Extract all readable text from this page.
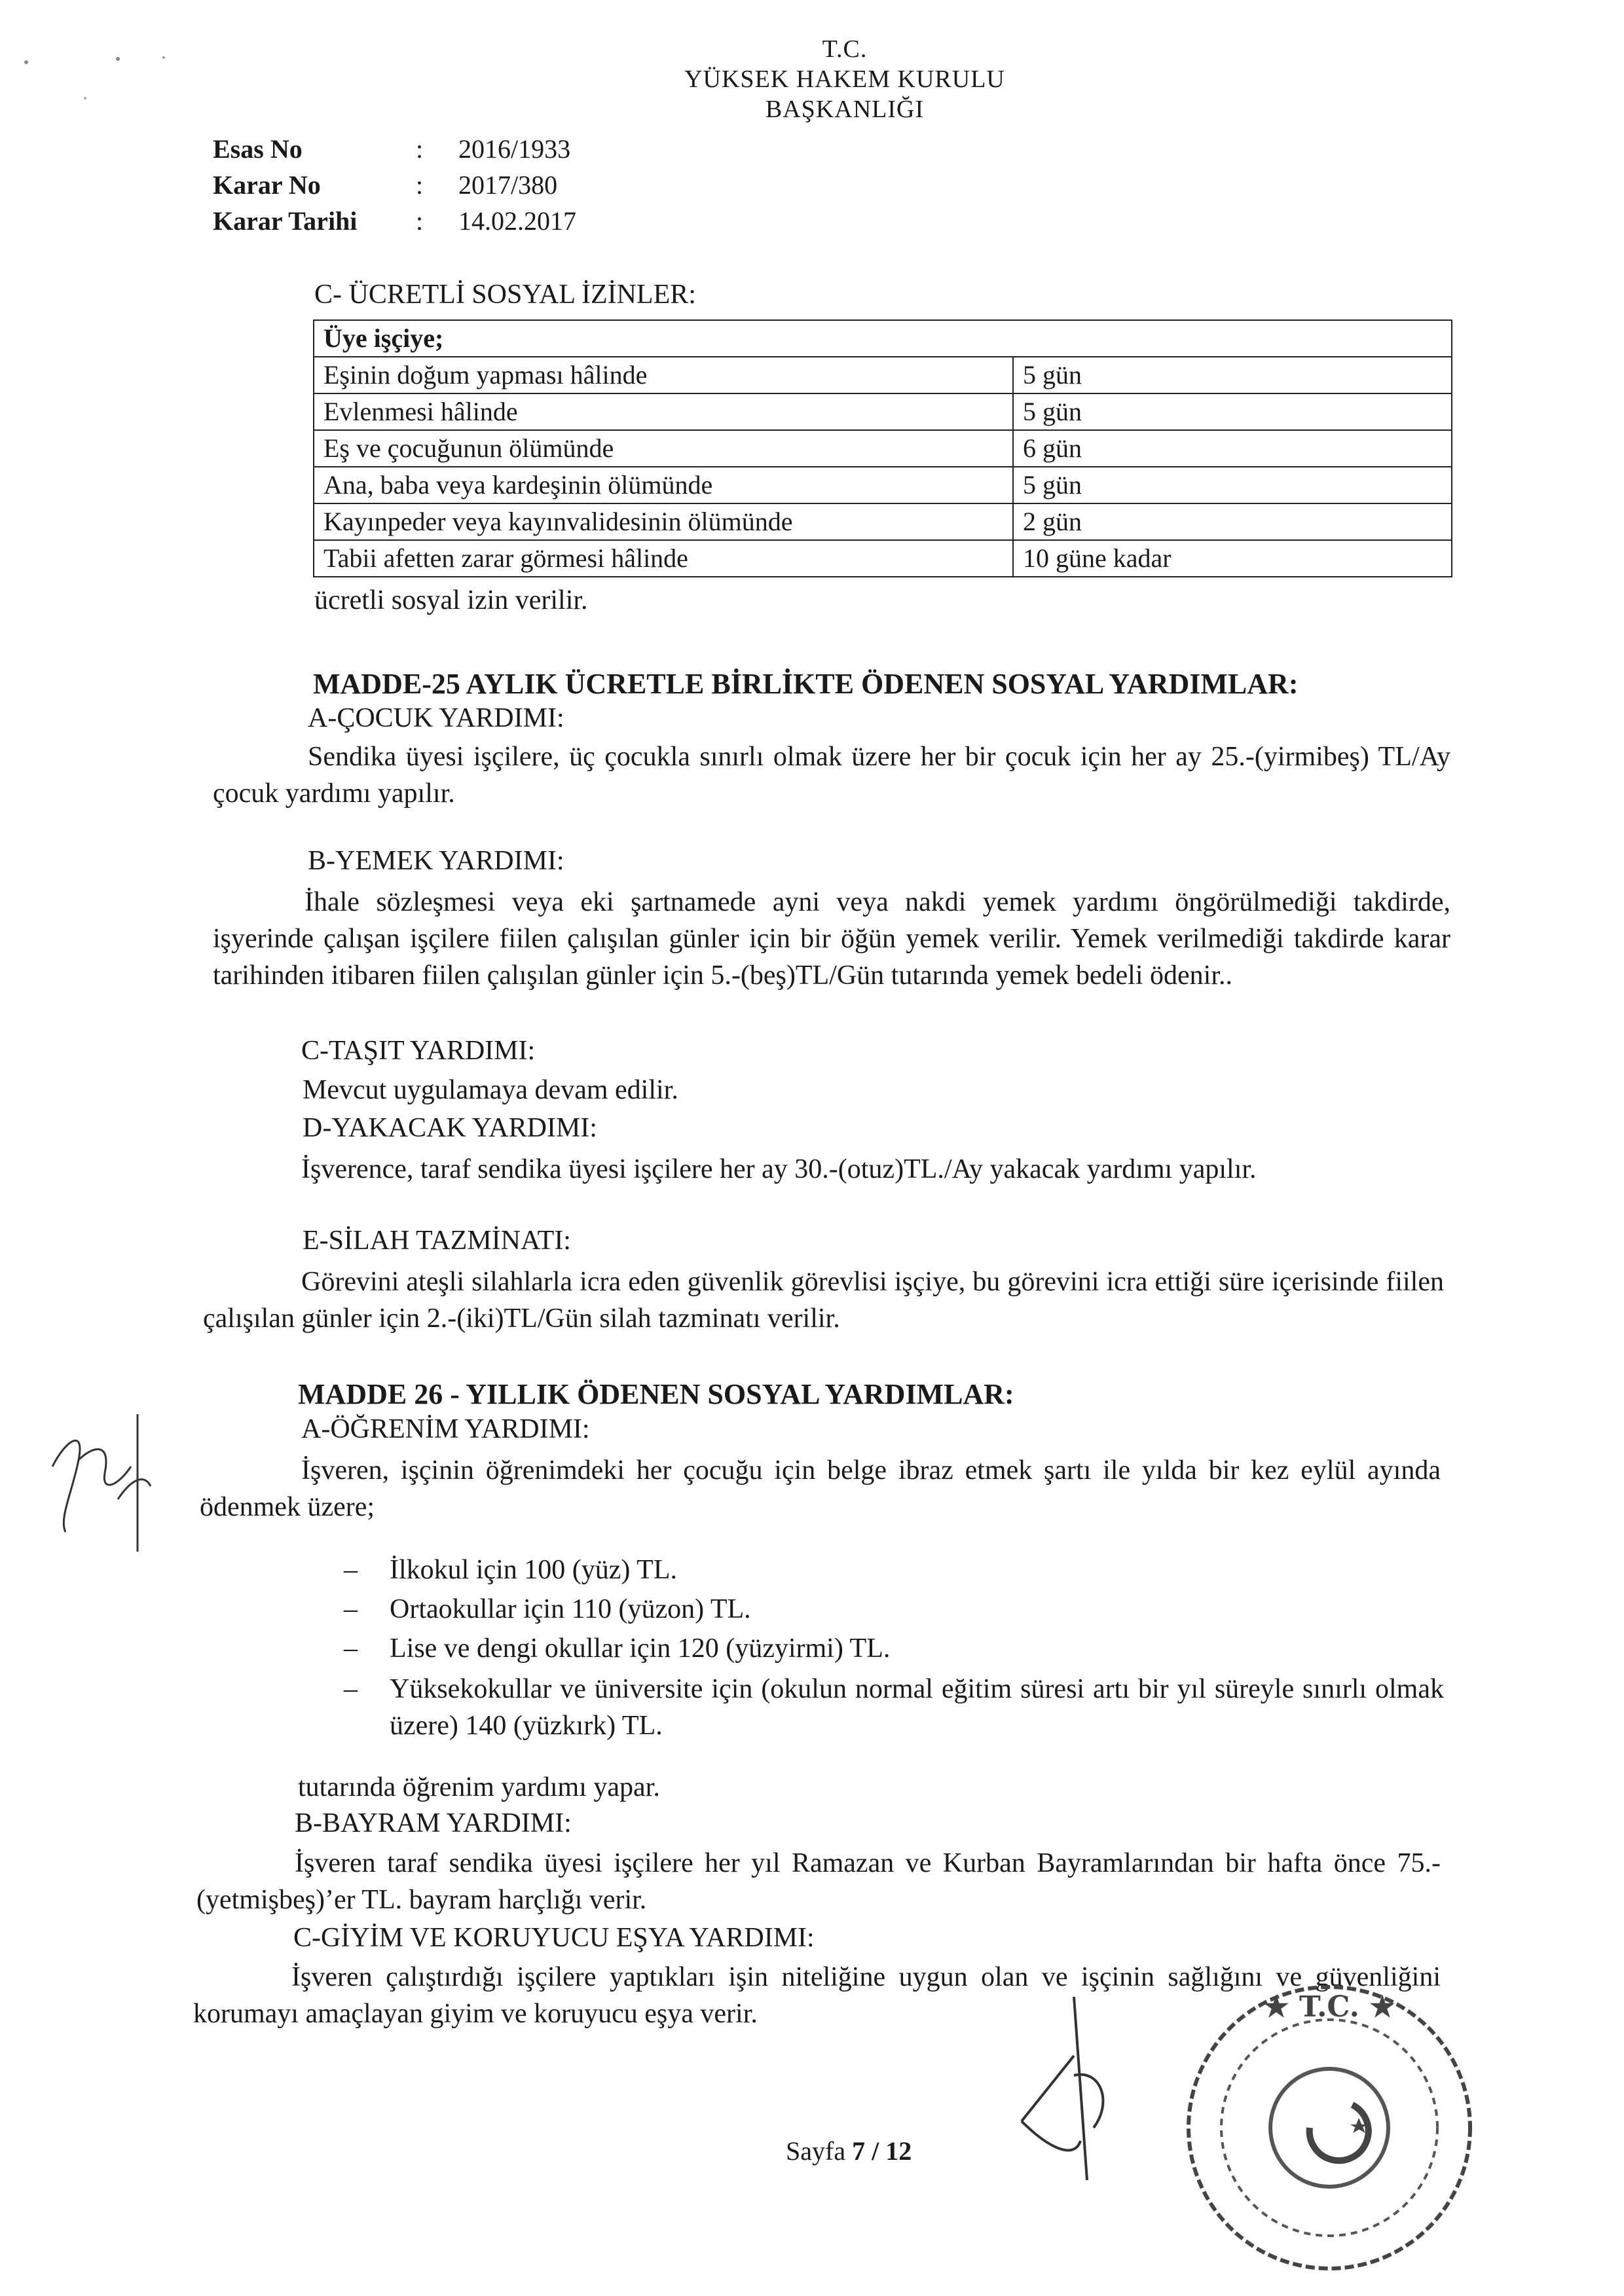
T.C.
YÜKSEK HAKEM KURULU
BAŞKANLIĞI
Esas No	: 2016/1933
Karar No	: 2017/380
Karar Tarihi : 14.02.2017
C- ÜCRETLİ SOSYAL İZİNLER:
Üye işçiye;	
Eşinin doğum yapması hâlinde	5 gün
Evlenmesi hâlinde	5 gün
Eş ve çocuğunun ölümünde	6 gün
Ana, baba veya kardeşinin ölümünde	5 gün
Kayınpeder veya kayınvalidesinin ölümünde	2 gün
Tabii afetten zarar görmesi hâlinde	10 güne kadar
ücretli sosyal izin verilir.
MADDE-25 AYLIK ÜCRETLE BİRLİKTE ÖDENEN SOSYAL YARDIMLAR:
A-ÇOCUK YARDIMI:
Sendika üyesi işçilere, üç çocukla sınırlı olmak üzere her bir çocuk için her ay 25.-(yirmibeş) TL/Ay çocuk yardımı yapılır.
B-YEMEK YARDIMI:
İhale sözleşmesi veya eki şartnamede ayni veya nakdi yemek yardımı öngörülmediği takdirde, işyerinde çalışan işçilere fiilen çalışılan günler için bir öğün yemek verilir. Yemek verilmediği takdirde karar tarihinden itibaren fiilen çalışılan günler için 5.-(beş)TL/Gün tutarında yemek bedeli ödenir..
C-TAŞIT YARDIMI:
Mevcut uygulamaya devam edilir.
D-YAKACAK YARDIMI:
İşverence, taraf sendika üyesi işçilere her ay 30.-(otuz)TL./Ay yakacak yardımı yapılır.
E-SİLAH TAZMİNATI:
Görevini ateşli silahlarla icra eden güvenlik görevlisi işçiye, bu görevini icra ettiği süre içerisinde fiilen çalışılan günler için 2.-(iki)TL/Gün silah tazminatı verilir.
MADDE 26 - YILLIK ÖDENEN SOSYAL YARDIMLAR:
A-ÖĞRENİM YARDIMI:
İşveren, işçinin öğrenimdeki her çocuğu için belge ibraz etmek şartı ile yılda bir kez eylül ayında ödenmek üzere;
– İlkokul için 100 (yüz) TL.
– Ortaokullar için 110 (yüzon) TL.
– Lise ve dengi okullar için 120 (yüzyirmi) TL.
– Yüksekokullar ve üniversite için (okulun normal eğitim süresi artı bir yıl süreyle sınırlı olmak üzere) 140 (yüzkırk) TL.
tutarında öğrenim yardımı yapar.
B-BAYRAM YARDIMI:
İşveren taraf sendika üyesi işçilere her yıl Ramazan ve Kurban Bayramlarından bir hafta önce 75.-(yetmişbeş)’er TL. bayram harçlığı verir.
C-GİYİM VE KORUYUCU EŞYA YARDIMI:
İşveren çalıştırdığı işçilere yaptıkları işin niteliğine uygun olan ve işçinin sağlığını ve güvenliğini korumayı amaçlayan giyim ve koruyucu eşya verir.
Sayfa 7 / 12
★ T.C. ★
